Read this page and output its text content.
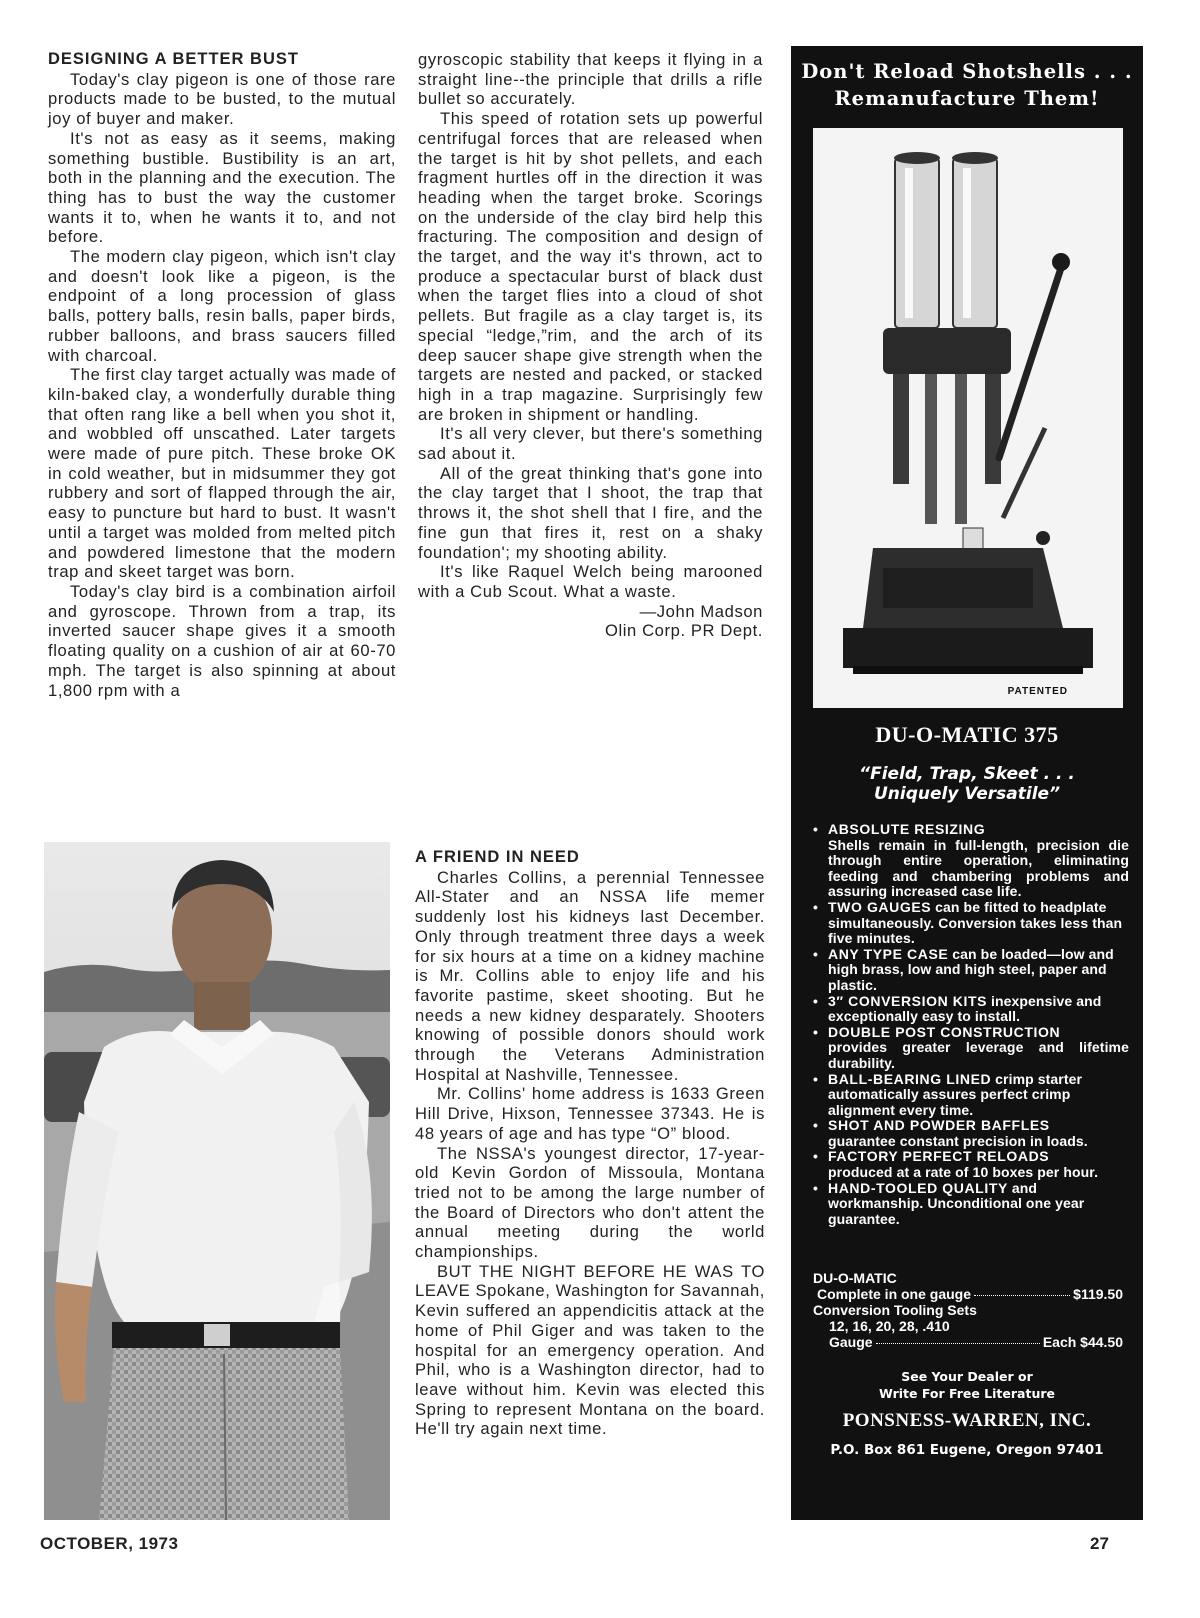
DESIGNING A BETTER BUST

Today's clay pigeon is one of those rare products made to be busted, to the mutual joy of buyer and maker.

It's not as easy as it seems, making something bustible. Bustibility is an art, both in the planning and the execution. The thing has to bust the way the customer wants it to, when he wants it to, and not before.

The modern clay pigeon, which isn't clay and doesn't look like a pigeon, is the endpoint of a long procession of glass balls, pottery balls, resin balls, paper birds, rubber balloons, and brass saucers filled with charcoal.

The first clay target actually was made of kiln-baked clay, a wonderfully durable thing that often rang like a bell when you shot it, and wobbled off unscathed. Later targets were made of pure pitch. These broke OK in cold weather, but in midsummer they got rubbery and sort of flapped through the air, easy to puncture but hard to bust. It wasn't until a target was molded from melted pitch and powdered limestone that the modern trap and skeet target was born.

Today's clay bird is a combination airfoil and gyroscope. Thrown from a trap, its inverted saucer shape gives it a smooth floating quality on a cushion of air at 60-70 mph. The target is also spinning at about 1,800 rpm with a

gyroscopic stability that keeps it flying in a straight line--the principle that drills a rifle bullet so accurately.

This speed of rotation sets up powerful centrifugal forces that are released when the target is hit by shot pellets, and each fragment hurtles off in the direction it was heading when the target broke. Scorings on the underside of the clay bird help this fracturing. The composition and design of the target, and the way it's thrown, act to produce a spectacular burst of black dust when the target flies into a cloud of shot pellets. But fragile as a clay target is, its special “ledge,”rim, and the arch of its deep saucer shape give strength when the targets are nested and packed, or stacked high in a trap magazine. Surprisingly few are broken in shipment or handling.

It's all very clever, but there's something sad about it.

All of the great thinking that's gone into the clay target that I shoot, the trap that throws it, the shot shell that I fire, and the fine gun that fires it, rest on a shaky foundation'; my shooting ability.

It's like Raquel Welch being marooned with a Cub Scout. What a waste.

—John Madson

Olin Corp. PR Dept.

A FRIEND IN NEED

Charles Collins, a perennial Tennessee All-Stater and an NSSA life memer suddenly lost his kidneys last December. Only through treatment three days a week for six hours at a time on a kidney machine is Mr. Collins able to enjoy life and his favorite pastime, skeet shooting. But he needs a new kidney desparately. Shooters knowing of possible donors should work through the Veterans Administration Hospital at Nashville, Tennessee.

Mr. Collins' home address is 1633 Green Hill Drive, Hixson, Tennessee 37343. He is 48 years of age and has type “O” blood.

The NSSA's youngest director, 17-year-old Kevin Gordon of Missoula, Montana tried not to be among the large number of the Board of Directors who don't attent the annual meeting during the world championships.

BUT THE NIGHT BEFORE HE WAS TO LEAVE Spokane, Washington for Savannah, Kevin suffered an appendicitis attack at the home of Phil Giger and was taken to the hospital for an emergency operation. And Phil, who is a Washington director, had to leave without him. Kevin was elected this Spring to represent Montana on the board. He'll try again next time.

Don't Reload Shotshells . . .
Remanufacture Them!
PATENTED
DU-O-MATIC 375
“Field, Trap, Skeet . . .
Uniquely Versatile”
• ABSOLUTE RESIZING
Shells remain in full-length, precision die through entire operation, eliminating feeding and chambering problems and assuring increased case life.
• TWO GAUGES can be fitted to headplate simultaneously. Conversion takes less than five minutes.
• ANY TYPE CASE can be loaded—low and high brass, low and high steel, paper and plastic.
• 3″ CONVERSION KITS inexpensive and exceptionally easy to install.
• DOUBLE POST CONSTRUCTION
provides greater leverage and lifetime durability.
• BALL-BEARING LINED crimp starter automatically assures perfect crimp alignment every time.
• SHOT AND POWDER BAFFLES
guarantee constant precision in loads.
• FACTORY PERFECT RELOADS
produced at a rate of 10 boxes per hour.
• HAND-TOOLED QUALITY and workmanship. Unconditional one year guarantee.
DU-O-MATIC
Complete in one gauge	$119.50
Conversion Tooling Sets
12, 16, 20, 28, .410
Gauge	Each $44.50
See Your Dealer or
Write For Free Literature
PONSNESS-WARREN, INC.
P.O. Box 861 Eugene, Oregon 97401
OCTOBER, 1973	27
